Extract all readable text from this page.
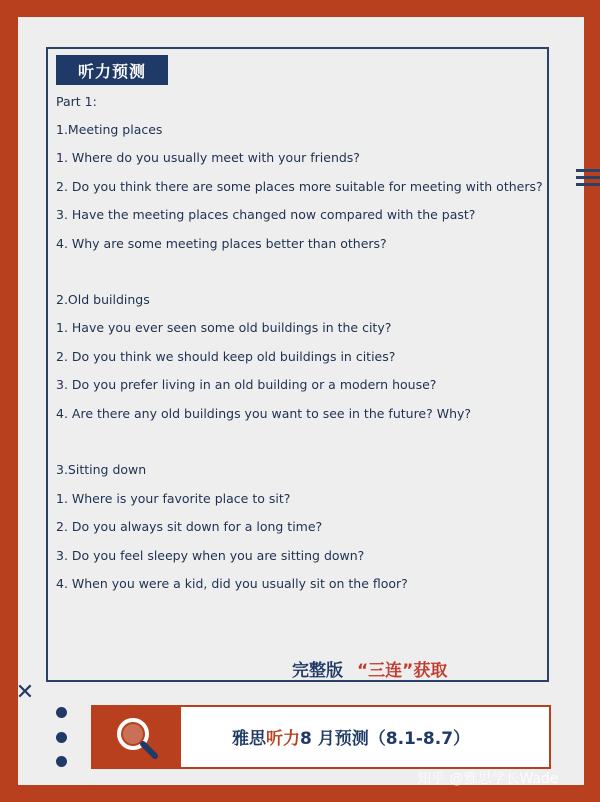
听力预测
Part 1:
1.Meeting places
1. Where do you usually meet with your friends?
2. Do you think there are some places more suitable for meeting with others?
3. Have the meeting places changed now compared with the past?
4. Why are some meeting places better than others?
2.Old buildings
1. Have you ever seen some old buildings in the city?
2. Do you think we should keep old buildings in cities?
3. Do you prefer living in an old building or a modern house?
4. Are there any old buildings you want to see in the future? Why?
3.Sitting down
1. Where is your favorite place to sit?
2. Do you always sit down for a long time?
3. Do you feel sleepy when you are sitting down?
4. When you were a kid, did you usually sit on the floor?
完整版 “三连”获取
✕
雅思听力8 月预测（8.1-8.7）
知乎 @雅思学长Wade
